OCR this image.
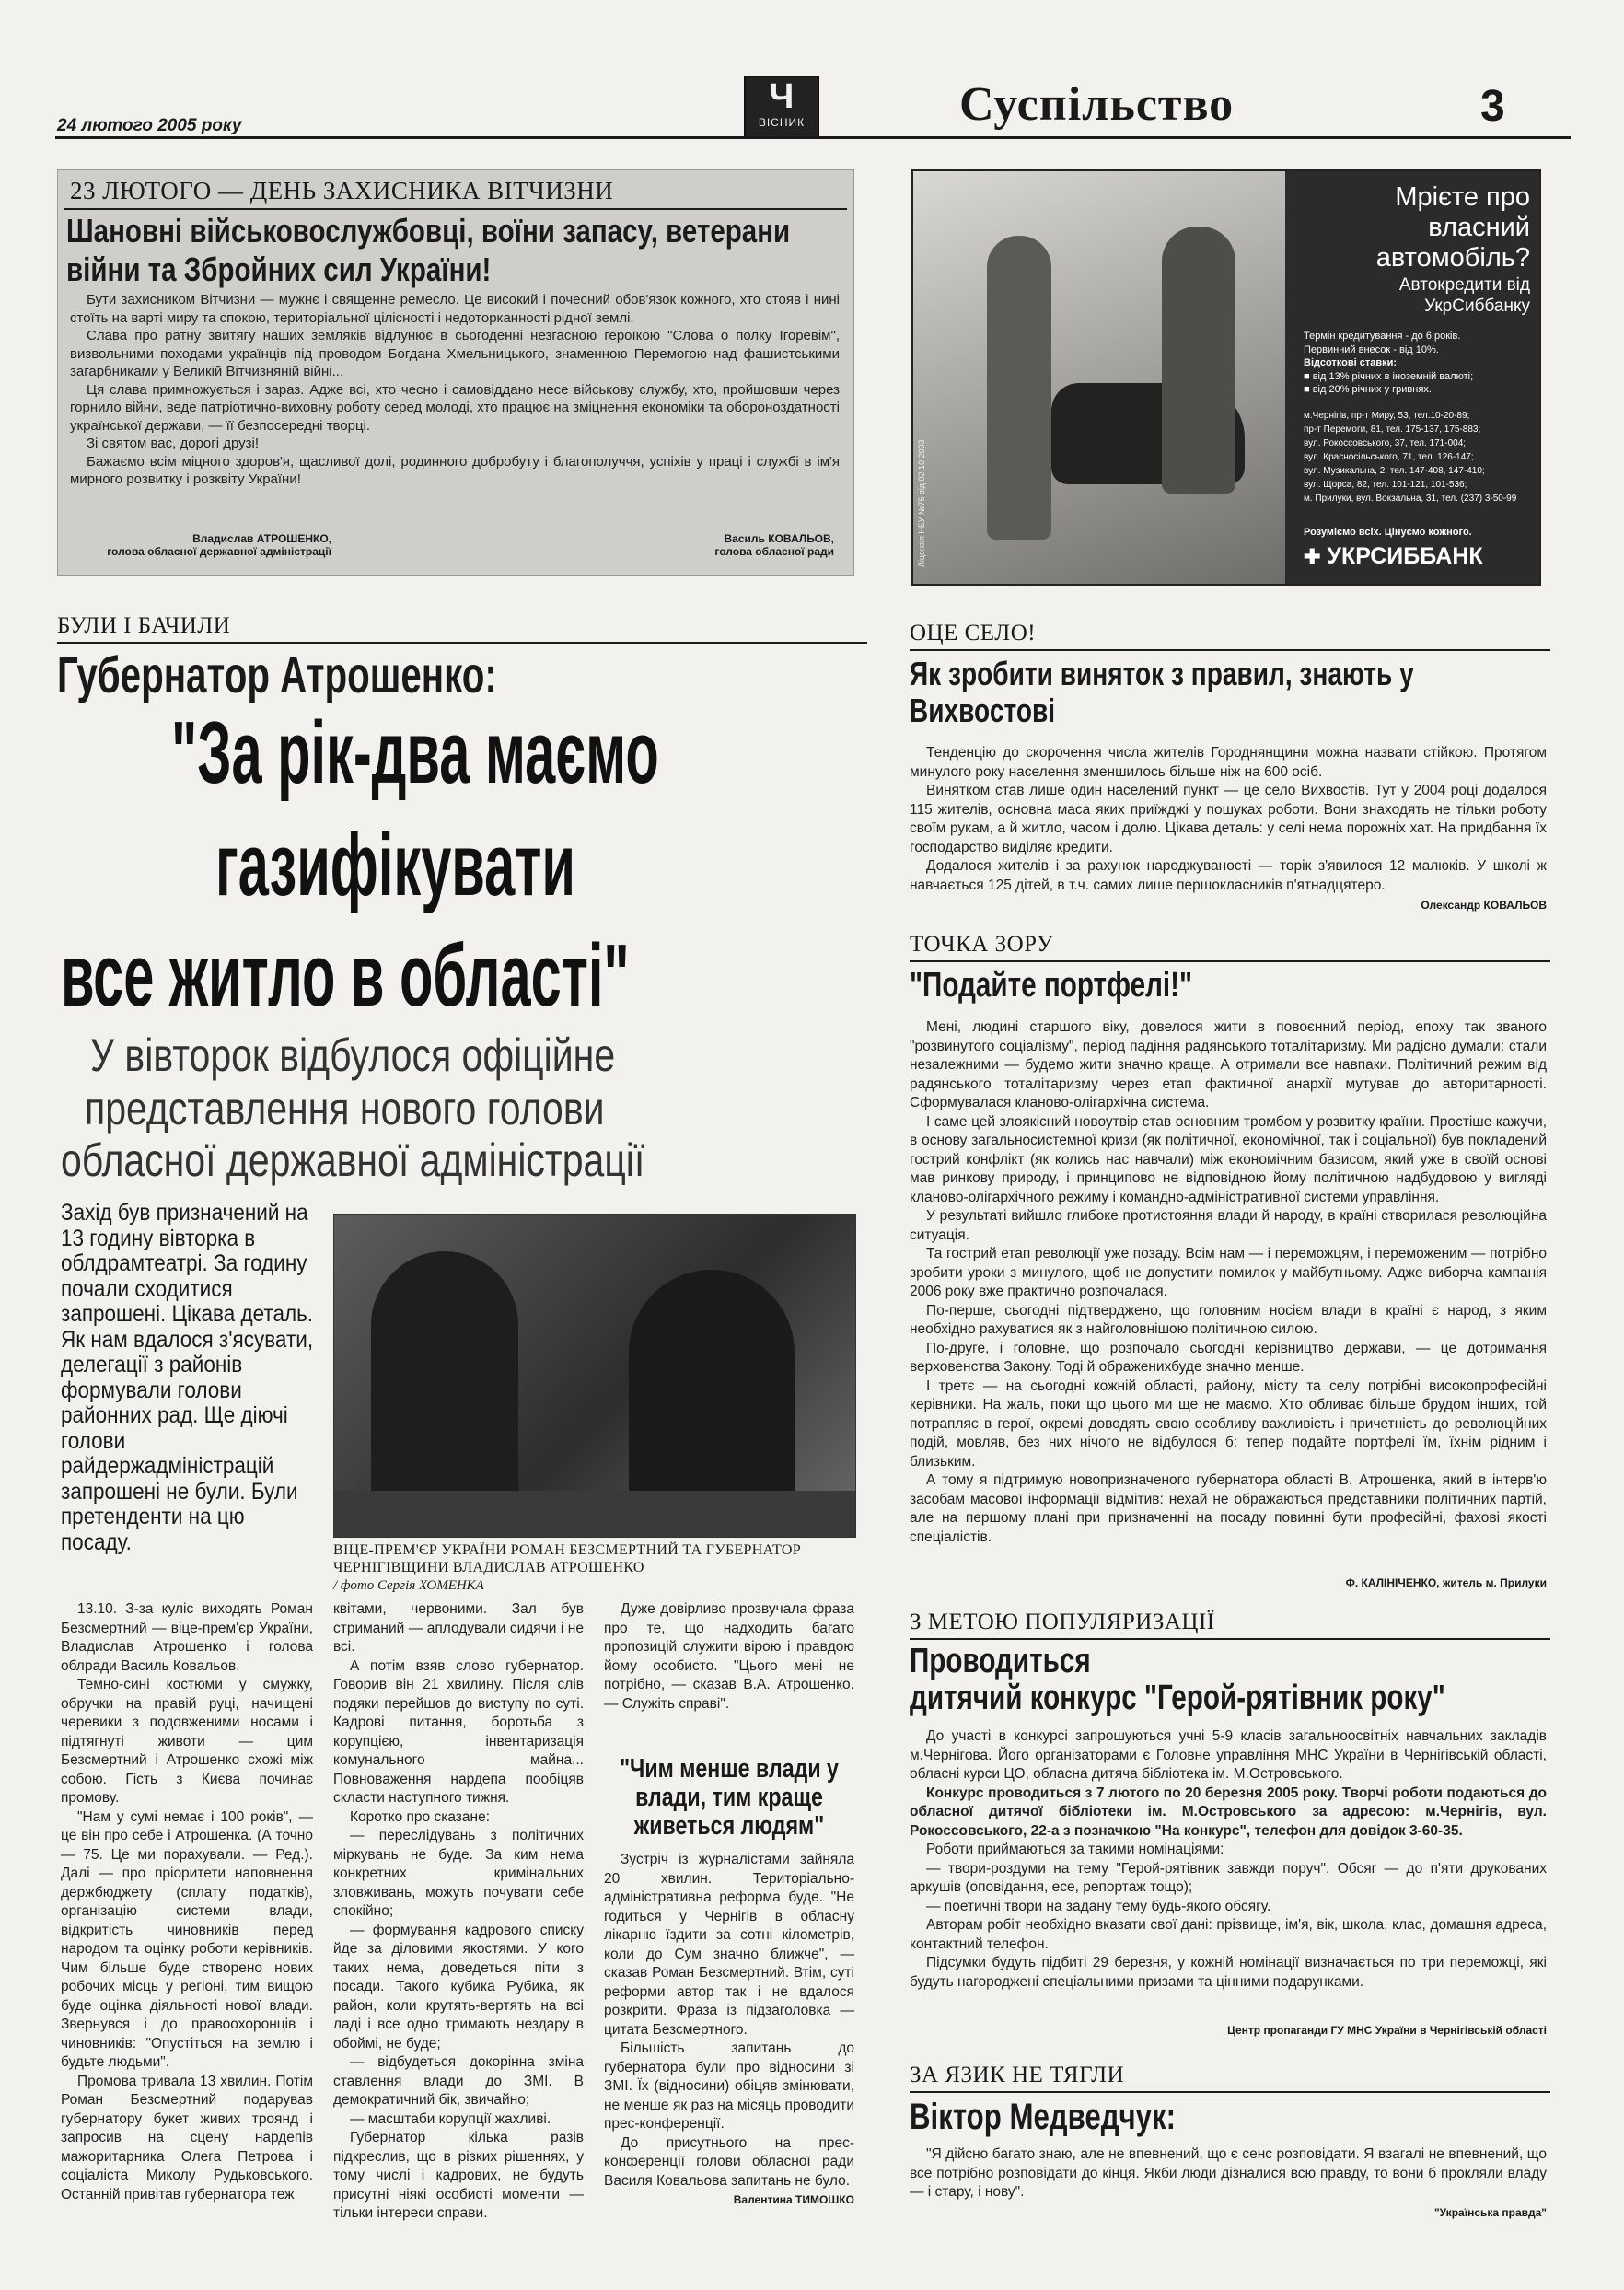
24 лютого 2005 року
Ч
ВІСНИК	Суспільство	3
23 ЛЮТОГО — ДЕНЬ ЗАХИСНИКА ВІТЧИЗНИ
Шановні військовослужбовці, воїни запасу, ветерани війни та Збройних сил України!

Бути захисником Вітчизни — мужнє і священне ремесло. Це високий і почесний обов'язок кожного, хто стояв і нині стоїть на варті миру та спокою, територіальної цілісності і недоторканності рідної землі.

Слава про ратну звитягу наших земляків відлунює в сьогоденні незгасною героїкою "Слова о полку Ігоревім", визвольними походами українців під проводом Богдана Хмельницького, знаменною Перемогою над фашистськими загарбниками у Великій Вітчизняній війні...

Ця слава примножується і зараз. Адже всі, хто чесно і самовіддано несе військову службу, хто, пройшовши через горнило війни, веде патріотично-виховну роботу серед молоді, хто працює на зміцнення економіки та обороноздатності української держави, — її безпосередні творці.

Зі святом вас, дорогі друзі!

Бажаємо всім міцного здоров'я, щасливої долі, родинного добробуту і благополуччя, успіхів у праці і службі в ім'я мирного розвитку і розквіту України!

Владислав АТРОШЕНКО,
голова обласної державної адміністрації
Василь КОВАЛЬОВ,
голова обласної ради	Ліцензія НБУ №75 від 02.10.2003
Мрієте про власний автомобіль?
Автокредити від УкрСиббанку
Термін кредитування - до 6 років.
Первинний внесок - від 10%.
Відсоткові ставки:
■ від 13% річних в іноземній валюті;
■ від 20% річних у гривнях.
м.Чернігів, пр-т Миру, 53, тел.10-20-89;
пр-т Перемоги, 81, тел. 175-137, 175-883;
вул. Рокоссовського, 37, тел. 171-004;
вул. Красносільського, 71, тел. 126-147;
вул. Музикальна, 2, тел. 147-408, 147-410;
вул. Щорса, 82, тел. 101-121, 101-536;
м. Прилуки, вул. Вокзальна, 31, тел. (237) 3-50-99
Розуміємо всіх. Цінуємо кожного.
✚ УКРСИББАНК
БУЛИ І БАЧИЛИ
Губернатор Атрошенко:
"За рік-два маємо
газифікувати
все житло в області"
У вівторок відбулося офіційне
представлення нового голови
обласної державної адміністрації
Захід був призначений на 13 годину вівторка в облдрамтеатрі. За годину почали сходитися запрошені. Цікава деталь. Як нам вдалося з'ясувати, делегації з районів формували голови районних рад. Ще діючі голови райдержадміністрацій запрошені не були. Були претенденти на цю посаду.	ВІЦЕ-ПРЕМ'ЄР УКРАЇНИ РОМАН БЕЗСМЕРТНИЙ ТА ГУБЕРНАТОР ЧЕРНІГІВЩИНИ ВЛАДИСЛАВ АТРОШЕНКО
/ фото Сергія ХОМЕНКА

13.10. З-за куліс виходять Роман Безсмертний — віце-прем'єр України, Владислав Атрошенко і голова облради Василь Ковальов.

Темно-сині костюми у смужку, обручки на правій руці, начищені черевики з подовженими носами і підтягнуті животи — цим Безсмертний і Атрошенко схожі між собою. Гість з Києва починає промову.

"Нам у сумі немає і 100 років", — це він про себе і Атрошенка. (А точно — 75. Це ми порахували. — Ред.). Далі — про пріоритети наповнення держбюджету (сплату податків), організацію системи влади, відкритість чиновників перед народом та оцінку роботи керівників. Чим більше буде створено нових робочих місць у регіоні, тим вищою буде оцінка діяльності нової влади. Звернувся і до правоохоронців і чиновників: "Опустіться на землю і будьте людьми".

Промова тривала 13 хвилин. Потім Роман Безсмертний подарував губернатору букет живих троянд і запросив на сцену нардепів мажоритарника Олега Петрова і соціаліста Миколу Рудьковського. Останній привітав губернатора теж

квітами, червоними. Зал був стриманий — аплодували сидячи і не всі.

А потім взяв слово губернатор. Говорив він 21 хвилину. Після слів подяки перейшов до виступу по суті. Кадрові питання, боротьба з корупцією, інвентаризація комунального майна... Повноваження нардепа пообіцяв скласти наступного тижня.

Коротко про сказане:

— переслідувань з політичних міркувань не буде. За ким нема конкретних кримінальних зловживань, можуть почувати себе спокійно;

— формування кадрового списку йде за діловими якостями. У кого таких нема, доведеться піти з посади. Такого кубика Рубика, як район, коли крутять-вертять на всі ладі і все одно тримають нездару в обоймі, не буде;

— відбудеться докорінна зміна ставлення влади до ЗМІ. В демократичний бік, звичайно;

— масштаби корупції жахливі.

Губернатор кілька разів підкреслив, що в різких рішеннях, у тому числі і кадрових, не будуть присутні ніякі особисті моменти — тільки інтереси справи.

Дуже довірливо прозвучала фраза про те, що надходить багато пропозицій служити вірою і правдою йому особисто. "Цього мені не потрібно, — сказав В.А. Атрошенко. — Служіть справі".

"Чим менше влади у влади, тим краще живеться людям"

Зустріч із журналістами зайняла 20 хвилин. Територіально-адміністративна реформа буде. "Не годиться у Чернігів в обласну лікарню їздити за сотні кілометрів, коли до Сум значно ближче", — сказав Роман Безсмертний. Втім, суті реформи автор так і не вдалося розкрити. Фраза із підзаголовка — цитата Безсмертного.

Більшість запитань до губернатора були про відносини зі ЗМІ. Їх (відносини) обіцяв змінювати, не менше як раз на місяць проводити прес-конференції.

До присутнього на прес-конференції голови обласної ради Василя Ковальова запитань не було.

Валентина ТИМОШКО
ОЦЕ СЕЛО!
Як зробити виняток з правил, знають у Вихвостові

Тенденцію до скорочення числа жителів Городнянщини можна назвати стійкою. Протягом минулого року населення зменшилось більше ніж на 600 осіб.

Винятком став лише один населений пункт — це село Вихвостів. Тут у 2004 році додалося 115 жителів, основна маса яких приїжджі у пошуках роботи. Вони знаходять не тільки роботу своїм рукам, а й житло, часом і долю. Цікава деталь: у селі нема порожніх хат. На придбання їх господарство виділяє кредити.

Додалося жителів і за рахунок народжуваності — торік з'явилося 12 малюків. У школі ж навчається 125 дітей, в т.ч. самих лише першокласників п'ятнадцятеро.

Олександр КОВАЛЬОВ
ТОЧКА ЗОРУ
"Подайте портфелі!"

Мені, людині старшого віку, довелося жити в повоєнний період, епоху так званого "розвинутого соціалізму", період падіння радянського тоталітаризму. Ми радісно думали: стали незалежними — будемо жити значно краще. А отримали все навпаки. Політичний режим від радянського тоталітаризму через етап фактичної анархії мутував до авторитарності. Сформувалася кланово-олігархічна система.

І саме цей злоякісний новоутвір став основним тромбом у розвитку країни. Простіше кажучи, в основу загальносистемної кризи (як політичної, економічної, так і соціальної) був покладений гострий конфлікт (як колись нас навчали) між економічним базисом, який уже в своїй основі мав ринкову природу, і принципово не відповідною йому політичною надбудовою у вигляді кланово-олігархічного режиму і командно-адміністративної системи управління.

У результаті вийшло глибоке протистояння влади й народу, в країні створилася революційна ситуація.

Та гострий етап революції уже позаду. Всім нам — і переможцям, і переможеним — потрібно зробити уроки з минулого, щоб не допустити помилок у майбутньому. Адже виборча кампанія 2006 року вже практично розпочалася.

По-перше, сьогодні підтверджено, що головним носієм влади в країні є народ, з яким необхідно рахуватися як з найголовнішою політичною силою.

По-друге, і головне, що розпочало сьогодні керівництво держави, — це дотримання верховенства Закону. Тоді й ображенихбуде значно менше.

І третє — на сьогодні кожній області, району, місту та селу потрібні високопрофесійні керівники. На жаль, поки що цього ми ще не маємо. Хто обливає більше брудом інших, той потрапляє в герої, окремі доводять свою особливу важливість і причетність до революційних подій, мовляв, без них нічого не відбулося б: тепер подайте портфелі їм, їхнім рідним і близьким.

А тому я підтримую новопризначеного губернатора області В. Атрошенка, який в інтерв'ю засобам масової інформації відмітив: нехай не ображаються представники політичних партій, але на першому плані при призначенні на посаду повинні бути професійні, фахові якості спеціалістів.

Ф. КАЛІНІЧЕНКО, житель м. Прилуки
З МЕТОЮ ПОПУЛЯРИЗАЦІЇ
Проводиться
дитячий конкурс "Герой-рятівник року"

До участі в конкурсі запрошуються учні 5-9 класів загальноосвітніх навчальних закладів м.Чернігова. Його організаторами є Головне управління МНС України в Чернігівській області, обласні курси ЦО, обласна дитяча бібліотека ім. М.Островського.

Конкурс проводиться з 7 лютого по 20 березня 2005 року. Творчі роботи подаються до обласної дитячої бібліотеки ім. М.Островського за адресою: м.Чернігів, вул. Рокоссовського, 22-а з позначкою "На конкурс", телефон для довідок 3-60-35.

Роботи приймаються за такими номінаціями:

— твори-роздуми на тему "Герой-рятівник завжди поруч". Обсяг — до п'яти друкованих аркушів (оповідання, есе, репортаж тощо);

— поетичні твори на задану тему будь-якого обсягу.

Авторам робіт необхідно вказати свої дані: прізвище, ім'я, вік, школа, клас, домашня адреса, контактний телефон.

Підсумки будуть підбиті 29 березня, у кожній номінації визначається по три переможці, які будуть нагороджені спеціальними призами та цінними подарунками.

Центр пропаганди ГУ МНС України в Чернігівській області
ЗА ЯЗИК НЕ ТЯГЛИ
Віктор Медведчук:

"Я дійсно багато знаю, але не впевнений, що є сенс розповідати. Я взагалі не впевнений, що все потрібно розповідати до кінця. Якби люди дізналися всю правду, то вони б прокляли владу — і стару, і нову".

"Українська правда"
